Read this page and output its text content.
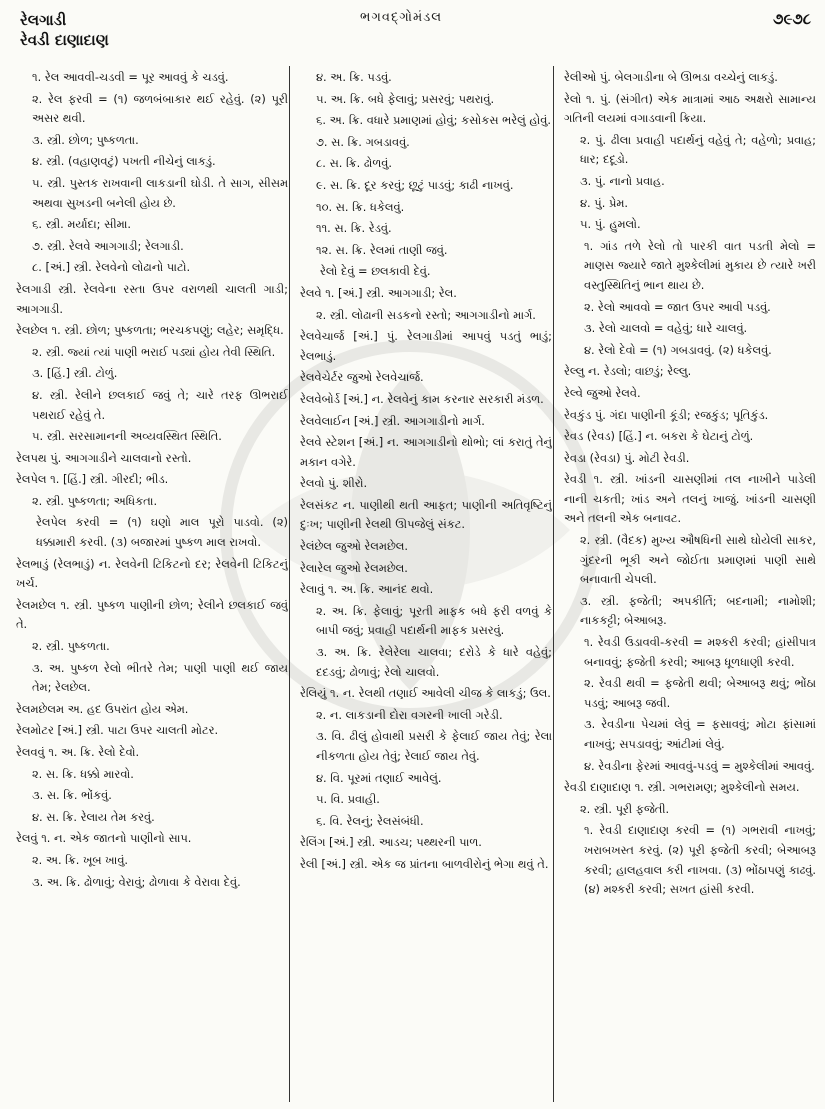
રેલગાડી
રેવડી દાણાદાણ
ભગવદ્ગોમંડલ	૭૯૭૮

૧. રેલ આવવી-ચડવી = પૂર આવવું કે ચડવું.

૨. રેલ ફરવી = (૧) જળબંબાકાર થઈ રહેવું. (૨) પૂરી અસર થવી.

૩. સ્ત્રી. છોળ; પુષ્કળતા.

૪. સ્ત્રી. (વહાણવટું) પખતી નીચેનું લાકડું.

૫. સ્ત્રી. પુસ્તક રાખવાની લાકડાની ઘોડી. તે સાગ, સીસમ અથવા સુખડની બનેલી હોય છે.

૬. સ્ત્રી. મર્યાદા; સીમા.

૭. સ્ત્રી. રેલવે આગગાડી; રેલગાડી.

૮. [અં.] સ્ત્રી. રેલવેનો લોઢાનો પાટો.

રેલગાડી સ્ત્રી. રેલવેના રસ્તા ઉપર વરાળથી ચાલતી ગાડી; આગગાડી.

રેલછેલ ૧. સ્ત્રી. છોળ; પુષ્કળતા; ભરચકપણું; લહેર; સમૃદ્ધિ.

૨. સ્ત્રી. જ્યાં ત્યાં પાણી ભરાઈ પડ્યાં હોય તેવી સ્થિતિ.

૩. [હિં.] સ્ત્રી. ટોળું.

૪. સ્ત્રી. રેલીને છલકાઈ જવું તે; ચારે તરફ ઊભરાઈ પથરાઈ રહેવું તે.

૫. સ્ત્રી. સરસામાનની અવ્યવસ્થિત સ્થિતિ.

રેલપથ પું. આગગાડીને ચાલવાનો રસ્તો.

રેલપેલ ૧. [હિં.] સ્ત્રી. ગીરદી; ભીડ.

૨. સ્ત્રી. પુષ્કળતા; અધિકતા.

રેલપેલ કરવી = (૧) ઘણો માલ પૂરો પાડવો. (૨) ધક્કામારી કરવી. (૩) બજારમાં પુષ્કળ માલ રાખવો.

રેલભાડું (રેલભાડું) ન. રેલવેની ટિકિટનો દર; રેલવેની ટિકિટનું ખર્ચ.

રેલમછેલ ૧. સ્ત્રી. પુષ્કળ પાણીની છોળ; રેલીને છલકાઈ જવું તે.

૨. સ્ત્રી. પુષ્કળતા.

૩. અ. પુષ્કળ રેલો ભીતરે તેમ; પાણી પાણી થઈ જાય તેમ; રેલછેલ.

રેલમછેલમ અ. હદ ઉપરાંત હોય એમ.

રેલમોટર [અં.] સ્ત્રી. પાટા ઉપર ચાલતી મોટર.

રેલવવું ૧. અ. ક્રિ. રેલો દેવો.

૨. સ. ક્રિ. ધક્કો મારવો.

૩. સ. ક્રિ. ભોંકવું.

૪. સ. ક્રિ. રેલાય તેમ કરવું.

રેલવું ૧. ન. એક જાતનો પાણીનો સાપ.

૨. અ. ક્રિ. ખૂબ ખાવું.

૩. અ. ક્રિ. ઢોળાવું; વેરાવું; ઢોળાવા કે વેરાવા દેવું.

૪. અ. ક્રિ. પડવું.

૫. અ. ક્રિ. બધે ફેલાવું; પ્રસરવું; પથરાવું.

૬. અ. ક્રિ. વધારે પ્રમાણમાં હોવું; કસોકસ ભરેલું હોવું.

૭. સ. ક્રિ. ગબડાવવું.

૮. સ. ક્રિ. ઢોળવું.

૯. સ. ક્રિ. દૂર કરવું; છૂટું પાડવું; કાઢી નાખવું.

૧૦. સ. ક્રિ. ધકેલવું.

૧૧. સ. ક્રિ. રેડવું.

૧૨. સ. ક્રિ. રેલમાં તાણી જવું.

રેલો દેવું = છલકાવી દેવું.

રેલવે ૧. [અં.] સ્ત્રી. આગગાડી; રેલ.

૨. સ્ત્રી. લોઢાની સડકનો રસ્તો; આગગાડીનો માર્ગ.

રેલવેચાર્જ [અં.] પું. રેલગાડીમાં આપવું પડતું ભાડું; રેલભાડું.

રેલવેચેર્ટર જુઓ રેલવેચાર્જ.

રેલવેબોર્ડ [અં.] ન. રેલવેનું કામ કરનાર સરકારી મંડળ.

રેલવેલાઈન [અં.] સ્ત્રી. આગગાડીનો માર્ગ.

રેલવે સ્ટેશન [અં.] ન. આગગાડીનો થોભો; લાં કરાતું તેનું મકાન વગેરે.

રેલવો પું. શીરો.

રેલસંકટ ન. પાણીથી થતી આફત; પાણીની અતિવૃષ્ટિનું દુઃખ; પાણીની રેલથી ઊપજેલું સંકટ.

રેલંછેલ જુઓ રેલમછેલ.

રેલારેલ જુઓ રેલમછેલ.

રેલાવું ૧. અ. ક્રિ. આનંદ થવો.

૨. અ. ક્રિ. ફેલાવું; પૂરતી માફક બધે ફરી વળવું કે બાપી જવું; પ્રવાહી પદાર્થની માફક પ્રસરવું.

૩. અ. ક્રિ. રેલેરેલા ચાલવા; દરોડે કે ધારે વહેવું; દદડવું; ઢોળાવું; રેલો ચાલવો.

રેલિયું ૧. ન. રેલથી તણાઈ આવેલી ચીજ કે લાકડું; ઉલ.

૨. ન. લાકડાની દોરા વગરની ખાલી ગરેડી.

૩. વિ. ઢીલું હોવાથી પ્રસરી કે ફેલાઈ જાય તેવું; રેલા નીકળતા હોય તેવું; રેલાઈ જાય તેવું.

૪. વિ. પૂરમાં તણાઈ આવેલું.

૫. વિ. પ્રવાહી.

૬. વિ. રેલનું; રેલસંબંધી.

રેલિંગ [અં.] સ્ત્રી. આડચ; પથ્થરની પાળ.

રેલી [અં.] સ્ત્રી. એક જ પ્રાંતના બાળવીરોનું ભેગા થવું તે.

રેલીઓ પું. બેલગાડીના બે ઊભડા વચ્ચેનું લાકડું.

રેલો ૧. પું. (સંગીત) એક માત્રામાં આઠ અક્ષરો સામાન્ય ગતિની લયમાં વગાડવાની ક્રિયા.

૨. પું. ઢીલા પ્રવાહી પદાર્થનું વહેવું તે; વહેળો; પ્રવાહ; ધાર; દદૂડો.

૩. પું. નાનો પ્રવાહ.

૪. પું. પ્રેમ.

૫. પું. હુમલો.

૧. ગાંડ તળે રેલો તો પારકી વાત પડતી મેલો = માણસ જ્યારે જાતે મુશ્કેલીમાં મુકાય છે ત્યારે ખરી વસ્તુસ્થિતિનું ભાન થાય છે.

૨. રેલો આવવો = જાત ઉપર આવી પડવું.

૩. રેલો ચાલવો = વહેવું; ધારે ચાલવું.

૪. રેલો દેવો = (૧) ગબડાવવું. (૨) ધકેલવું.

રેલ્લુ ન. રેડલો; વાછડું; રેલ્લુ.

રેલ્વે જુઓ રેલવે.

રેવકુંડ પું. ગંદા પાણીની કૂંડી; રજકુંડ; પૂતિકુંડ.

રેવડ (રેવડ) [હિં.] ન. બકરા કે ઘેટાનું ટોળું.

રેવડા (રેવડા) પું. મોટી રેવડી.

રેવડી ૧. સ્ત્રી. ખાંડની ચાસણીમાં તલ નાખીને પાડેલી નાની ચકતી; ખાંડ અને તલનું ખાજું. ખાંડની ચાસણી અને તલની એક બનાવટ.

૨. સ્ત્રી. (વૈદક) મુખ્ય ઔષધિની સાથે ઘોયેલી સાકર, ગુંદરની ભૂકી અને જોઈતા પ્રમાણમાં પાણી સાથે બનાવાતી ચેપલી.

૩. સ્ત્રી. ફજેતી; અપકીર્તિ; બદનામી; નામોશી; નાકકટ્ટી; બેઆબરૂ.

૧. રેવડી ઉડાવવી-કરવી = મશ્કરી કરવી; હાંસીપાત્ર બનાવવું; ફજેતી કરવી; આબરૂ ધૂળધાણી કરવી.

૨. રેવડી થવી = ફજેતી થવી; બેઆબરૂ થવું; ભોંઠા પડવું; આબરૂ જવી.

૩. રેવડીના પેચમાં લેવું = ફસાવવું; મોટા ફાંસામાં નાખવું; સપડાવવું; આંટીમાં લેવું.

૪. રેવડીના ફેરમાં આવવું-પડવું = મુશ્કેલીમાં આવવું.

રેવડી દાણાદાણ ૧. સ્ત્રી. ગભરામણ; મુશ્કેલીનો સમય.

૨. સ્ત્રી. પૂરી ફજેતી.

૧. રેવડી દાણાદાણ કરવી = (૧) ગભરાવી નાખવું; ખરાબખસ્ત કરવું. (૨) પૂરી ફજેતી કરવી; બેઆબરૂ કરવી; હાલહવાલ કરી નાખવા. (૩) ભોંઠાપણું કાઢવું. (૪) મશ્કરી કરવી; સખત હાંસી કરવી.
